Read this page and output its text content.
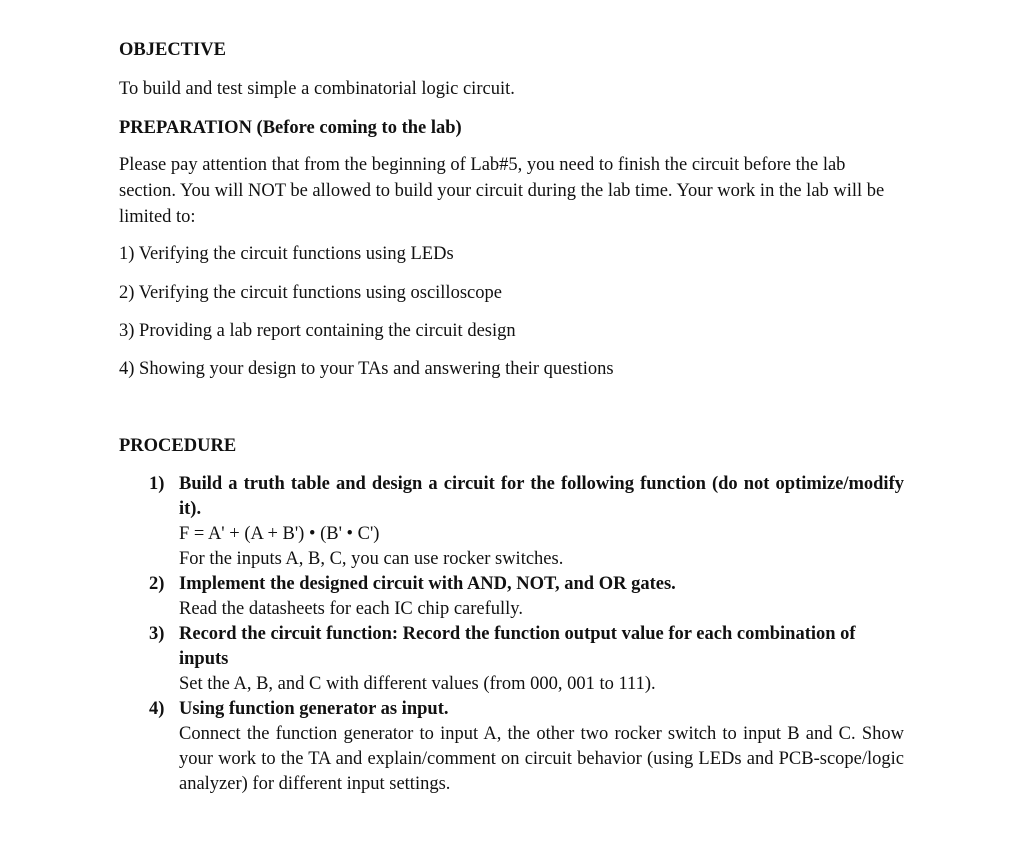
OBJECTIVE
To build and test simple a combinatorial logic circuit.
PREPARATION (Before coming to the lab)
Please pay attention that from the beginning of Lab#5, you need to finish the circuit before the lab section. You will NOT be allowed to build your circuit during the lab time. Your work in the lab will be limited to:
1) Verifying the circuit functions using LEDs
2) Verifying the circuit functions using oscilloscope
3) Providing a lab report containing the circuit design
4) Showing your design to your TAs and answering their questions
PROCEDURE
1) Build a truth table and design a circuit for the following function (do not optimize/modify it).
F = A' + (A + B') • (B' • C')
For the inputs A, B, C, you can use rocker switches.
2) Implement the designed circuit with AND, NOT, and OR gates.
Read the datasheets for each IC chip carefully.
3) Record the circuit function: Record the function output value for each combination of inputs
Set the A, B, and C with different values (from 000, 001 to 111).
4) Using function generator as input.
Connect the function generator to input A, the other two rocker switch to input B and C. Show your work to the TA and explain/comment on circuit behavior (using LEDs and PCB-scope/logic analyzer) for different input settings.
